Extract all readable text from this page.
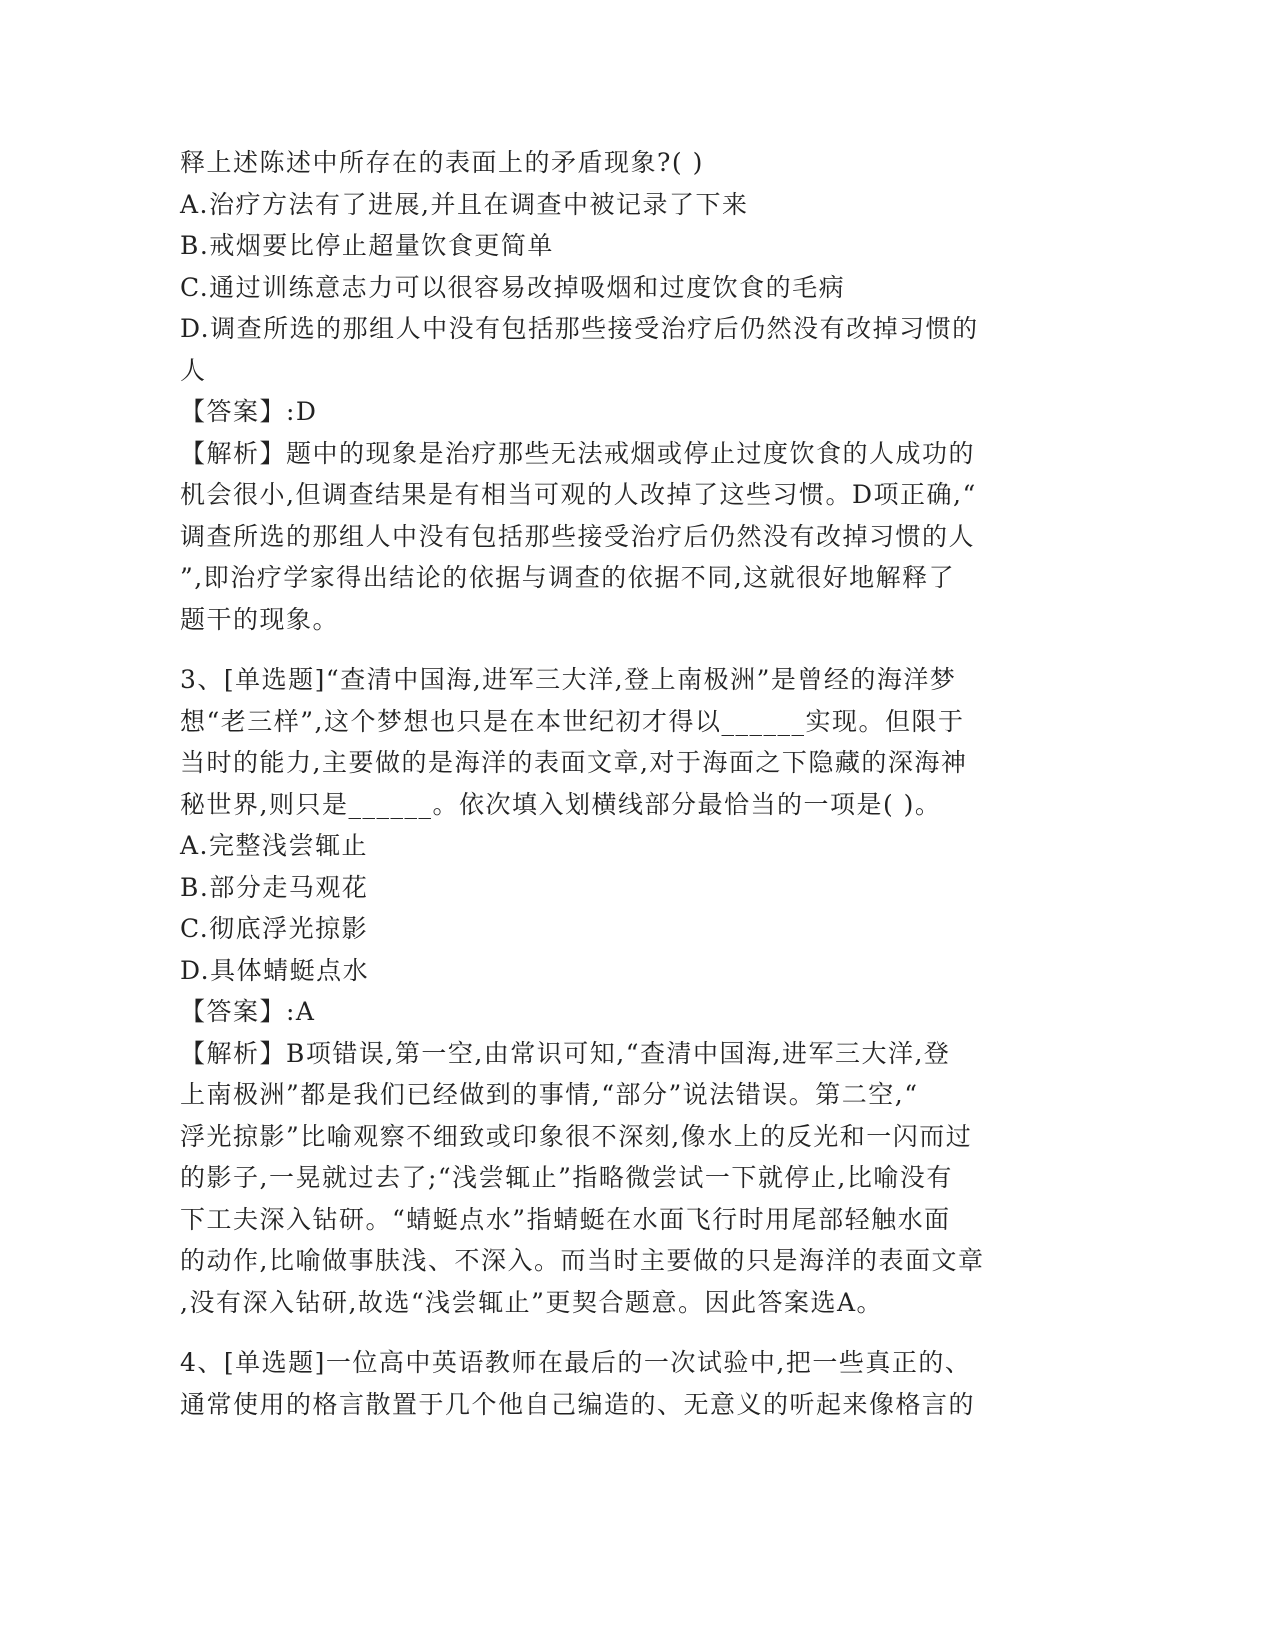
释上述陈述中所存在的表面上的矛盾现象?( )
A.治疗方法有了进展,并且在调查中被记录了下来
B.戒烟要比停止超量饮食更简单
C.通过训练意志力可以很容易改掉吸烟和过度饮食的毛病
D.调查所选的那组人中没有包括那些接受治疗后仍然没有改掉习惯的
人
【答案】:D
【解析】题中的现象是治疗那些无法戒烟或停止过度饮食的人成功的
机会很小,但调查结果是有相当可观的人改掉了这些习惯。D项正确,“
调查所选的那组人中没有包括那些接受治疗后仍然没有改掉习惯的人
”,即治疗学家得出结论的依据与调查的依据不同,这就很好地解释了
题干的现象。
3、[单选题]“查清中国海,进军三大洋,登上南极洲”是曾经的海洋梦
想“老三样”,这个梦想也只是在本世纪初才得以______实现。但限于
当时的能力,主要做的是海洋的表面文章,对于海面之下隐藏的深海神
秘世界,则只是______。依次填入划横线部分最恰当的一项是( )。
A.完整浅尝辄止
B.部分走马观花
C.彻底浮光掠影
D.具体蜻蜓点水
【答案】:A
【解析】B项错误,第一空,由常识可知,“查清中国海,进军三大洋,登
上南极洲”都是我们已经做到的事情,“部分”说法错误。第二空,“
浮光掠影”比喻观察不细致或印象很不深刻,像水上的反光和一闪而过
的影子,一晃就过去了;“浅尝辄止”指略微尝试一下就停止,比喻没有
下工夫深入钻研。“蜻蜓点水”指蜻蜓在水面飞行时用尾部轻触水面
的动作,比喻做事肤浅、不深入。而当时主要做的只是海洋的表面文章
,没有深入钻研,故选“浅尝辄止”更契合题意。因此答案选A。
4、[单选题]一位高中英语教师在最后的一次试验中,把一些真正的、
通常使用的格言散置于几个他自己编造的、无意义的听起来像格言的
